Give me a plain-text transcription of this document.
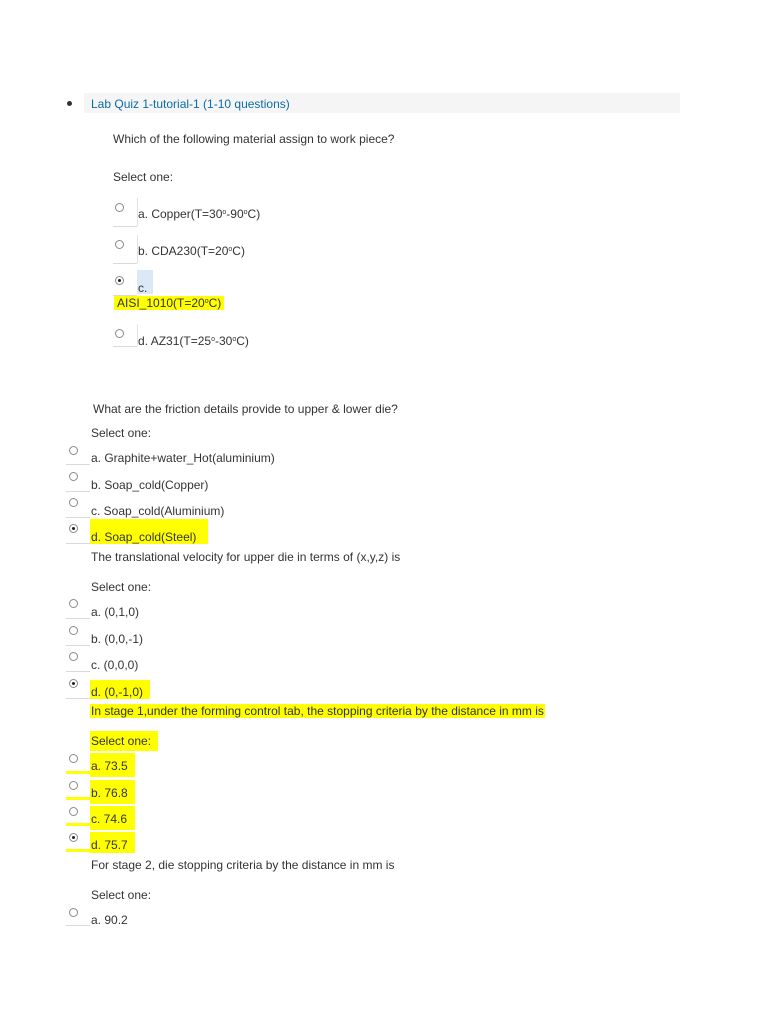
Lab Quiz 1-tutorial-1 (1-10 questions)
Which of the following material assign to work piece?
Select one:
a. $Copper(T=30^o-90^oC)$
b. $CDA230(T=20^oC)$
c.
$AISI\_1010(T=20^oC)$
d. $AZ31(T=25^o-30^oC)$
What are the friction details provide to upper & lower die?
Select one:
a. Graphite+water_Hot(aluminium)
b. Soap_cold(Copper)
c. Soap_cold(Aluminium)
d. Soap_cold(Steel)
The translational velocity for upper die in terms of (x,y,z) is
Select one:
a. (0,1,0)
b. (0,0,-1)
c. (0,0,0)
d. (0,-1,0)
In stage 1,under the forming control tab, the stopping criteria by the distance in mm is
Select one:
a. 73.5
b. 76.8
c. 74.6
d. 75.7
For stage 2, die stopping criteria by the distance in mm is
Select one:
a. 90.2
